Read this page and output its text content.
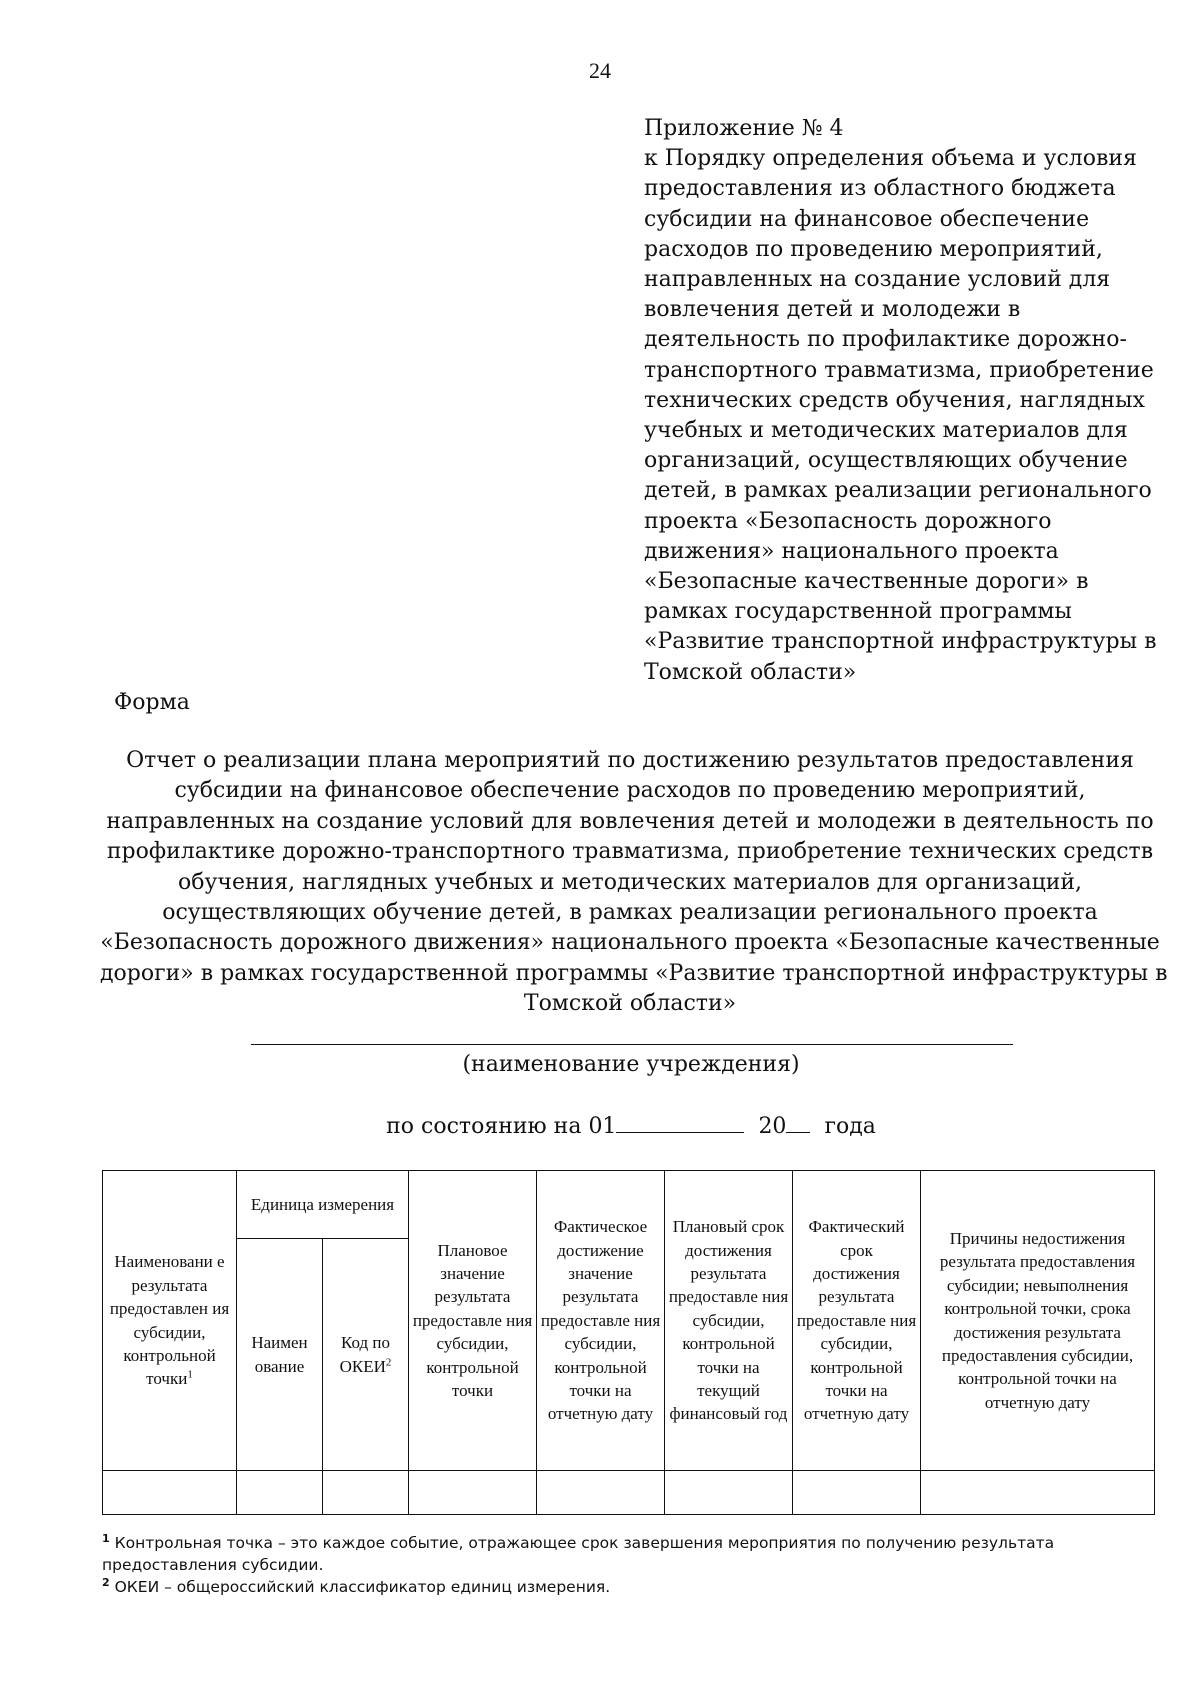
24
Приложение № 4
к Порядку определения объема и условия
предоставления из областного бюджета
субсидии на финансовое обеспечение
расходов по проведению мероприятий,
направленных на создание условий для
вовлечения детей и молодежи в
деятельность по профилактике дорожно-
транспортного травматизма, приобретение
технических средств обучения, наглядных
учебных и методических материалов для
организаций, осуществляющих обучение
детей, в рамках реализации регионального
проекта «Безопасность дорожного
движения» национального проекта
«Безопасные качественные дороги» в
рамках государственной программы
«Развитие транспортной инфраструктуры в
Томской области»
Форма
Отчет о реализации плана мероприятий по достижению результатов предоставления
субсидии на финансовое обеспечение расходов по проведению мероприятий,
направленных на создание условий для вовлечения детей и молодежи в деятельность по
профилактике дорожно-транспортного травматизма, приобретение технических средств
обучения, наглядных учебных и методических материалов для организаций,
осуществляющих обучение детей, в рамках реализации регионального проекта
«Безопасность дорожного движения» национального проекта «Безопасные качественные
дороги» в рамках государственной программы «Развитие транспортной инфраструктуры в
Томской области»
(наименование учреждения)
по состоянию на 01	20 года
Наименовани е результата предоставлен ия субсидии, контрольной точки$^1$	Единица измерения		Плановое значение результата предоставле ния субсидии, контрольной точки	Фактическое достижение значение результата предоставле ния субсидии, контрольной точки на отчетную дату	Плановый срок достижения результата предоставле ния субсидии, контрольной точки на текущий финансовый год	Фактический срок достижения результата предоставле ния субсидии, контрольной точки на отчетную дату	Причины недостижения результата предоставления субсидии; невыполнения контрольной точки, срока достижения результата предоставления субсидии, контрольной точки на отчетную дату
	Наимен ование	Код по ОКЕИ$^2$

$^1$ Контрольная точка – это каждое событие, отражающее срок завершения мероприятия по получению результата предоставления субсидии.
$^2$ ОКЕИ – общероссийский классификатор единиц измерения.
